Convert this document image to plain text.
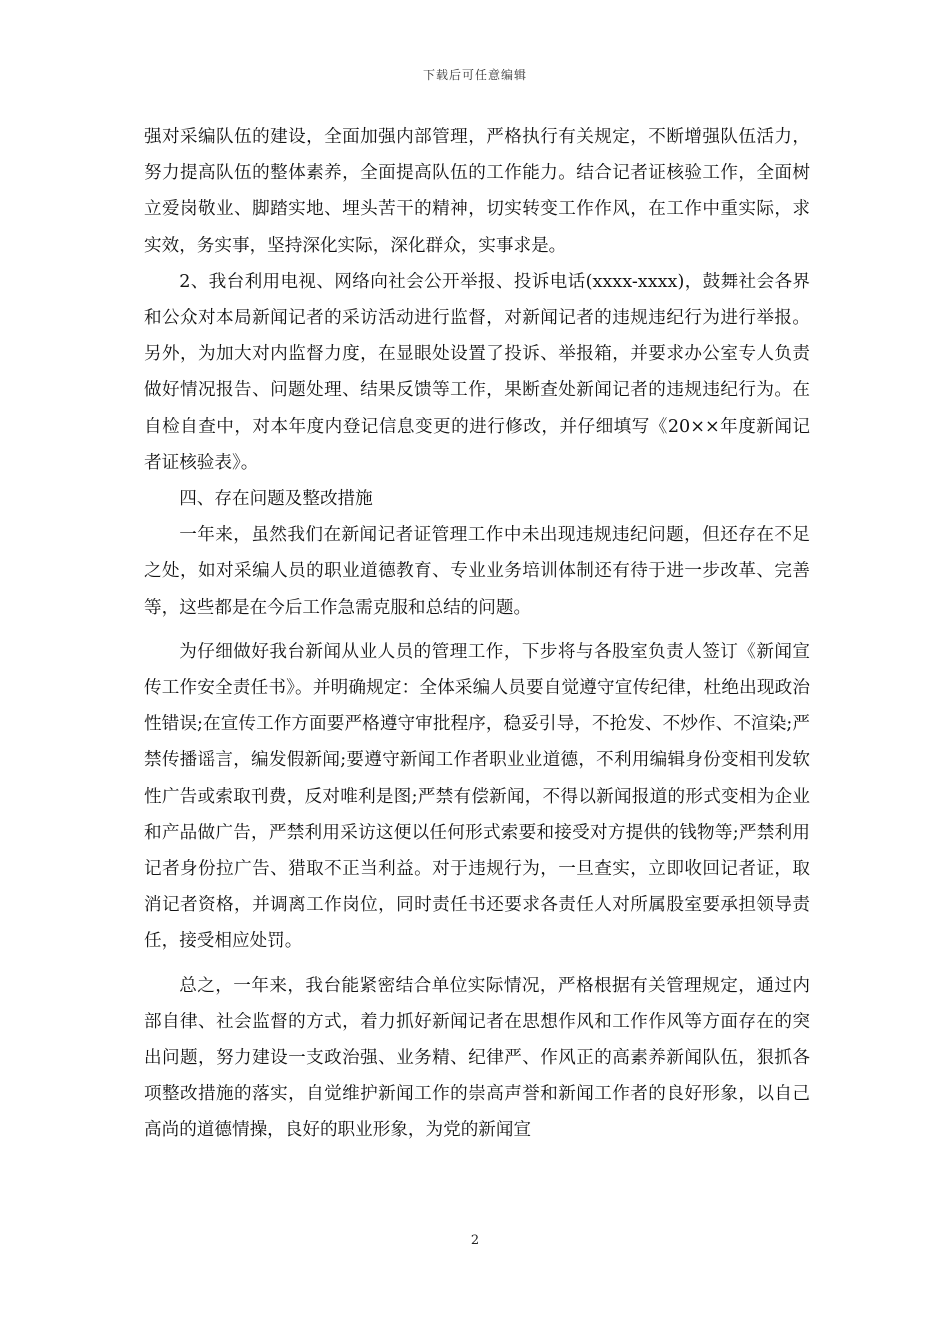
下载后可任意编辑

强对采编队伍的建设，全面加强内部管理，严格执行有关规定，不断增强队伍活力，努力提高队伍的整体素养，全面提高队伍的工作能力。结合记者证核验工作，全面树立爱岗敬业、脚踏实地、埋头苦干的精神，切实转变工作作风，在工作中重实际，求实效，务实事，坚持深化实际，深化群众，实事求是。

2、我台利用电视、网络向社会公开举报、投诉电话(xxxx-xxxx)，鼓舞社会各界和公众对本局新闻记者的采访活动进行监督，对新闻记者的违规违纪行为进行举报。另外，为加大对内监督力度，在显眼处设置了投诉、举报箱，并要求办公室专人负责做好情况报告、问题处理、结果反馈等工作，果断查处新闻记者的违规违纪行为。在自检自查中，对本年度内登记信息变更的进行修改，并仔细填写《20××年度新闻记者证核验表》。

四、存在问题及整改措施

一年来，虽然我们在新闻记者证管理工作中未出现违规违纪问题，但还存在不足之处，如对采编人员的职业道德教育、专业业务培训体制还有待于进一步改革、完善等，这些都是在今后工作急需克服和总结的问题。

为仔细做好我台新闻从业人员的管理工作，下步将与各股室负责人签订《新闻宣传工作安全责任书》。并明确规定：全体采编人员要自觉遵守宣传纪律，杜绝出现政治性错误;在宣传工作方面要严格遵守审批程序，稳妥引导，不抢发、不炒作、不渲染;严禁传播谣言，编发假新闻;要遵守新闻工作者职业业道德，不利用编辑身份变相刊发软性广告或索取刊费，反对唯利是图;严禁有偿新闻，不得以新闻报道的形式变相为企业和产品做广告，严禁利用采访这便以任何形式索要和接受对方提供的钱物等;严禁利用记者身份拉广告、猎取不正当利益。对于违规行为，一旦查实，立即收回记者证，取消记者资格，并调离工作岗位，同时责任书还要求各责任人对所属股室要承担领导责任，接受相应处罚。

总之，一年来，我台能紧密结合单位实际情况，严格根据有关管理规定，通过内部自律、社会监督的方式，着力抓好新闻记者在思想作风和工作作风等方面存在的突出问题，努力建设一支政治强、业务精、纪律严、作风正的高素养新闻队伍，狠抓各项整改措施的落实，自觉维护新闻工作的崇高声誉和新闻工作者的良好形象，以自己高尚的道德情操，良好的职业形象，为党的新闻宣

2
